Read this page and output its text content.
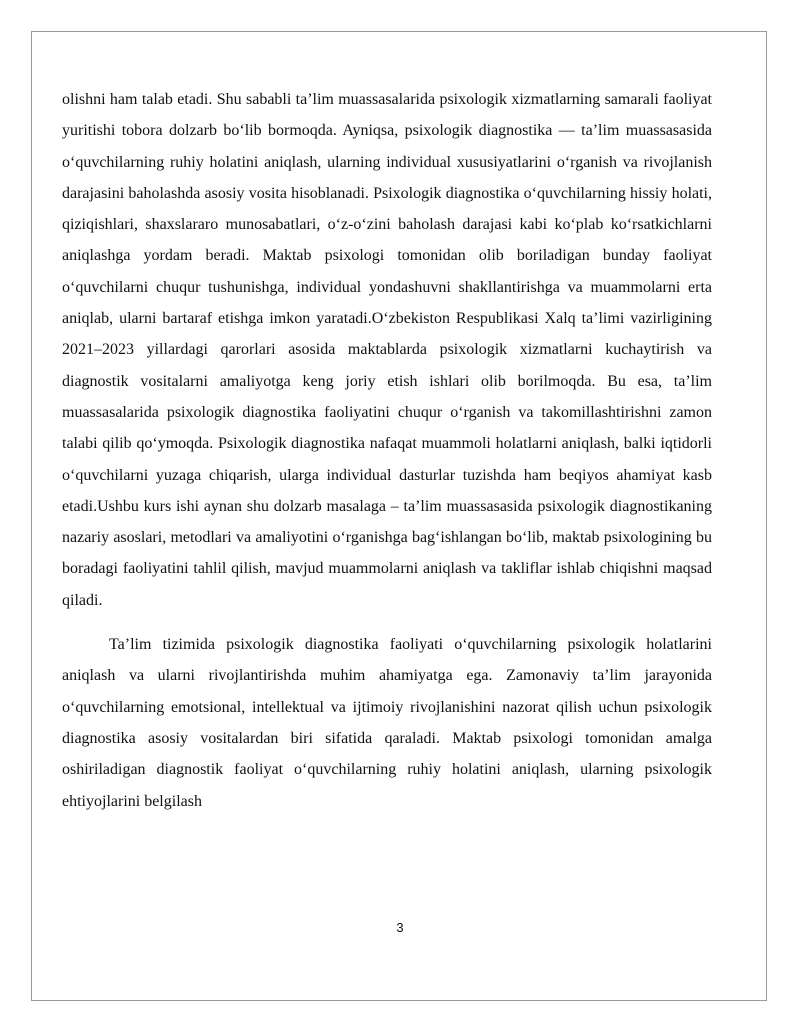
olishni ham talab etadi. Shu sababli ta’lim muassasalarida psixologik xizmatlarning samarali faoliyat yuritishi tobora dolzarb bo‘lib bormoqda. Ayniqsa, psixologik diagnostika — ta’lim muassasasida o‘quvchilarning ruhiy holatini aniqlash, ularning individual xususiyatlarini o‘rganish va rivojlanish darajasini baholashda asosiy vosita hisoblanadi. Psixologik diagnostika o‘quvchilarning hissiy holati, qiziqishlari, shaxslararo munosabatlari, o‘z-o‘zini baholash darajasi kabi ko‘plab ko‘rsatkichlarni aniqlashga yordam beradi. Maktab psixologi tomonidan olib boriladigan bunday faoliyat o‘quvchilarni chuqur tushunishga, individual yondashuvni shakllantirishga va muammolarni erta aniqlab, ularni bartaraf etishga imkon yaratadi.O‘zbekiston Respublikasi Xalq ta’limi vazirligining 2021–2023 yillardagi qarorlari asosida maktablarda psixologik xizmatlarni kuchaytirish va diagnostik vositalarni amaliyotga keng joriy etish ishlari olib borilmoqda. Bu esa, ta’lim muassasalarida psixologik diagnostika faoliyatini chuqur o‘rganish va takomillashtirishni zamon talabi qilib qo‘ymoqda. Psixologik diagnostika nafaqat muammoli holatlarni aniqlash, balki iqtidorli o‘quvchilarni yuzaga chiqarish, ularga individual dasturlar tuzishda ham beqiyos ahamiyat kasb etadi.Ushbu kurs ishi aynan shu dolzarb masalaga – ta’lim muassasasida psixologik diagnostikaning nazariy asoslari, metodlari va amaliyotini o‘rganishga bag‘ishlangan bo‘lib, maktab psixologining bu boradagi faoliyatini tahlil qilish, mavjud muammolarni aniqlash va takliflar ishlab chiqishni maqsad qiladi.

Ta’lim tizimida psixologik diagnostika faoliyati o‘quvchilarning psixologik holatlarini aniqlash va ularni rivojlantirishda muhim ahamiyatga ega. Zamonaviy ta’lim jarayonida o‘quvchilarning emotsional, intellektual va ijtimoiy rivojlanishini nazorat qilish uchun psixologik diagnostika asosiy vositalardan biri sifatida qaraladi. Maktab psixologi tomonidan amalga oshiriladigan diagnostik faoliyat o‘quvchilarning ruhiy holatini aniqlash, ularning psixologik ehtiyojlarini belgilash

3
